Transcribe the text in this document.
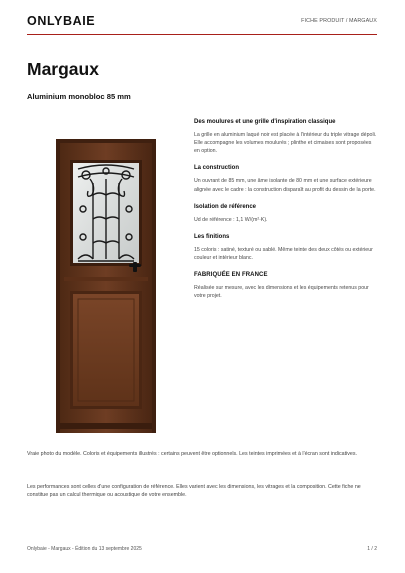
ONLYBAIE	FICHE PRODUIT / MARGAUX
Margaux
Aluminium monobloc 85 mm
Des moulures et une grille d'inspiration classique

La grille en aluminium laqué noir est placée à l'intérieur du triple vitrage dépoli. Elle accompagne les volumes moulurés ; plinthe et cimaises sont proposées en option.

La construction

Un ouvrant de 85 mm, une âme isolante de 80 mm et une surface extérieure alignée avec le cadre : la construction disparaît au profit du dessin de la porte.

Isolation de référence

Ud de référence : 1,1 W/(m²·K).

Les finitions

15 coloris : satiné, texturé ou sablé. Même teinte des deux côtés ou extérieur couleur et intérieur blanc.

FABRIQUÉE EN FRANCE

Réalisée sur mesure, avec les dimensions et les équipements retenus pour votre projet.

Vraie photo du modèle. Coloris et équipements illustrés : certains peuvent être optionnels. Les teintes imprimées et à l'écran sont indicatives.

Les performances sont celles d'une configuration de référence. Elles varient avec les dimensions, les vitrages et la composition. Cette fiche ne constitue pas un calcul thermique ou acoustique de votre ensemble.

Onlybaie - Margaux - Édition du 13 septembre 2025	1 / 2
